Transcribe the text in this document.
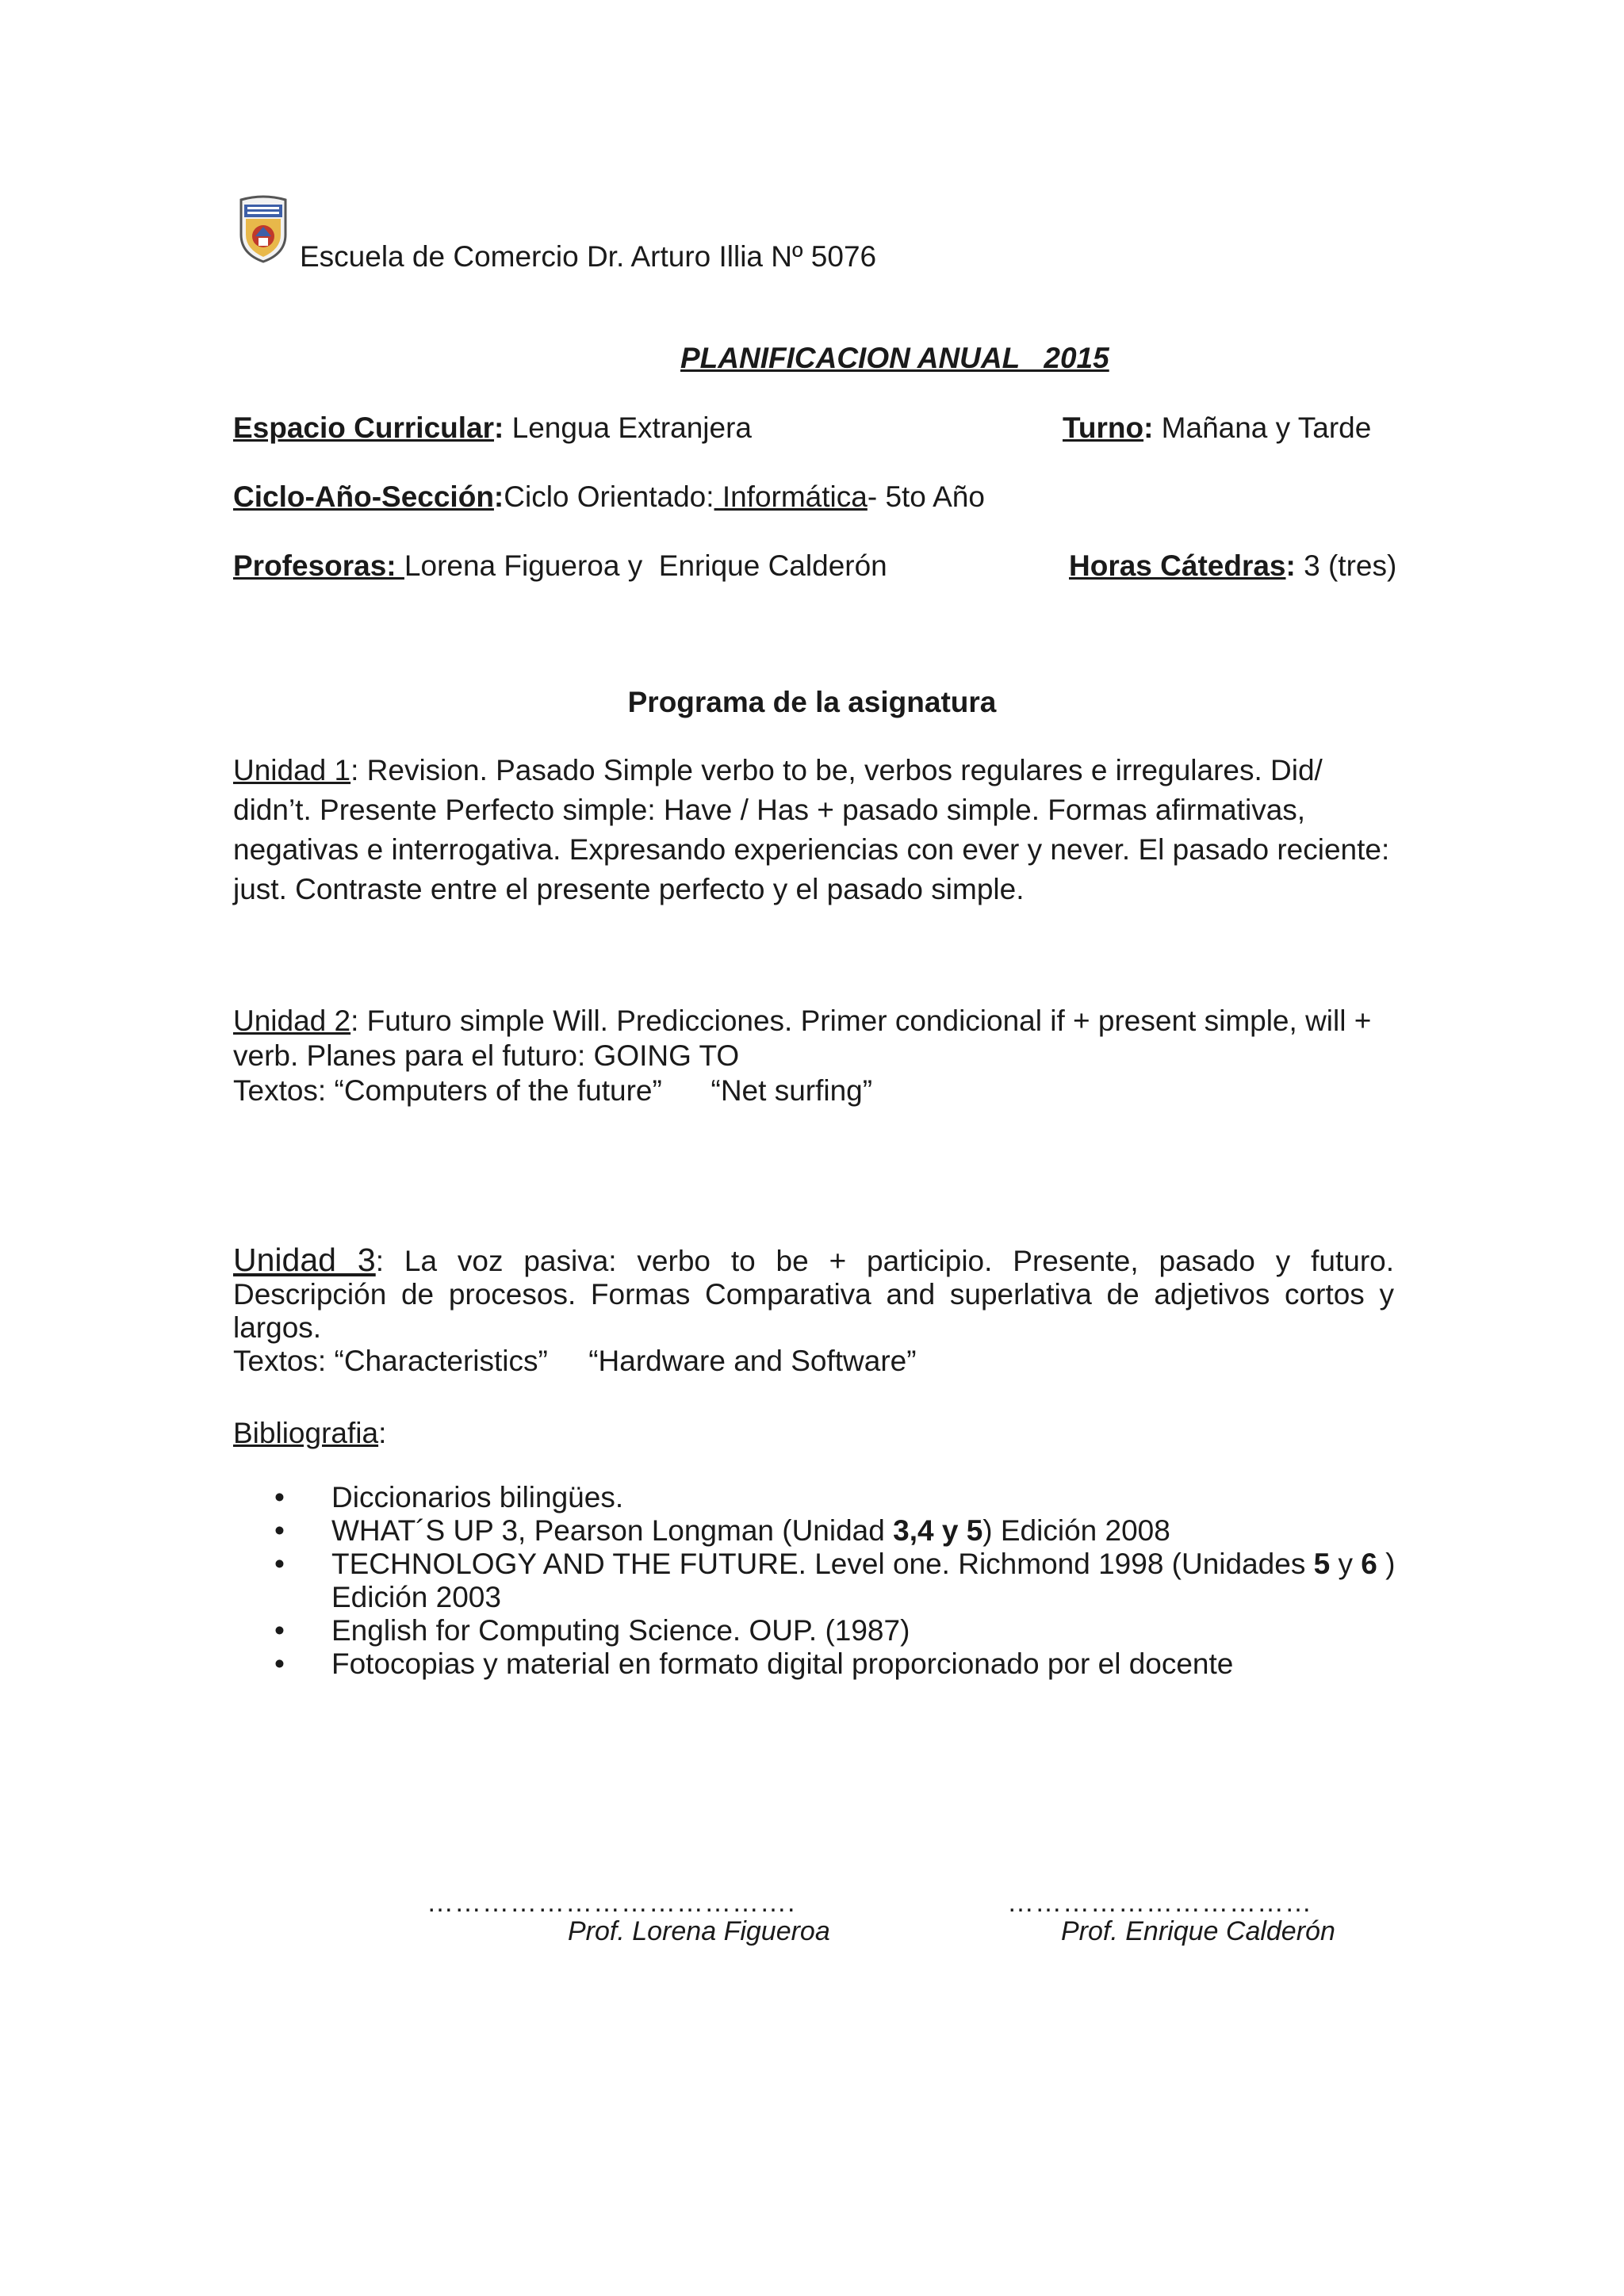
Escuela de Comercio Dr. Arturo Illia Nº 5076
PLANIFICACION ANUAL   2015
Espacio Curricular: Lengua Extranjera	Turno: Mañana y Tarde
Ciclo-Año-Sección:Ciclo Orientado: Informática- 5to Año
Profesoras: Lorena Figueroa y  Enrique Calderón	Horas Cátedras: 3 (tres)
Programa de la asignatura
Unidad 1: Revision. Pasado Simple verbo to be, verbos regulares e irregulares. Did/ didn’t. Presente Perfecto simple: Have / Has + pasado simple. Formas afirmativas, negativas e interrogativa. Expresando experiencias con ever y never. El pasado reciente: just. Contraste entre el presente perfecto y el pasado simple.
Unidad 2: Futuro simple Will. Predicciones. Primer condicional if + present simple, will + verb. Planes para el futuro: GOING TO
Textos: “Computers of the future”      “Net surfing”
Unidad 3: La voz pasiva: verbo to be + participio. Presente, pasado y futuro. Descripción de procesos. Formas Comparativa and superlativa de adjetivos cortos y largos.
Textos: “Characteristics”     “Hardware and Software”
Bibliografia:
• Diccionarios bilingües.
• WHAT´S UP 3, Pearson Longman (Unidad 3,4 y 5) Edición 2008
• TECHNOLOGY AND THE FUTURE. Level one. Richmond 1998 (Unidades 5 y 6 ) Edición 2003
• English for Computing Science. OUP. (1987)
• Fotocopias y material en formato digital proporcionado por el docente
………………………………….
Prof. Lorena Figueroa
……………………………
Prof. Enrique Calderón
